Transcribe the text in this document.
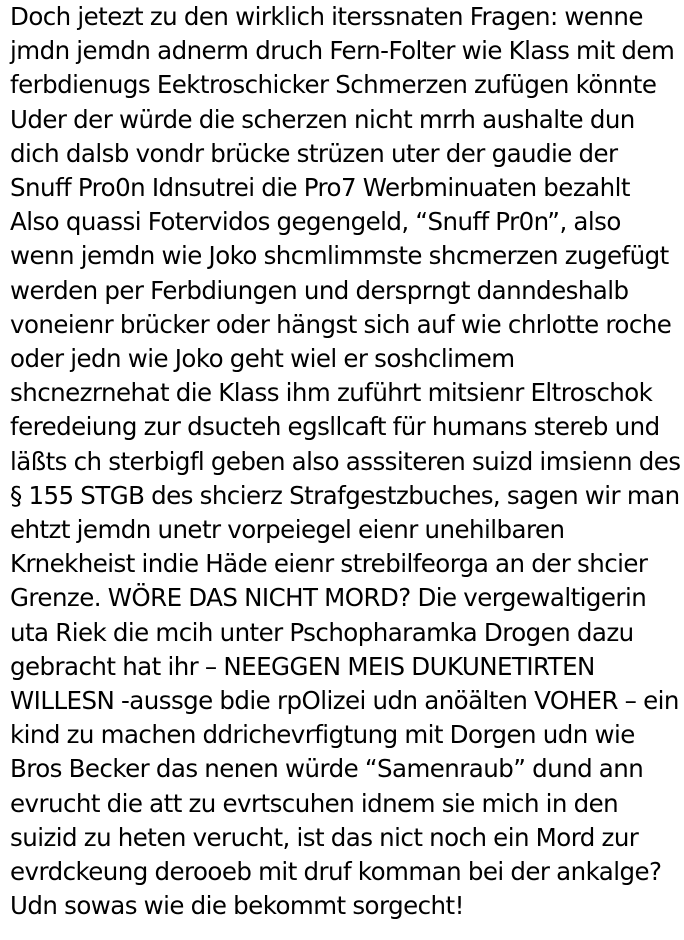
Doch jetezt zu den wirklich iterssnaten Fragen: wenne
jmdn jemdn adnerm druch Fern-Folter wie Klass mit dem
ferbdienugs Eektroschicker Schmerzen zufügen könnte
Uder der würde die scherzen nicht mrrh aushalte dun
dich dalsb vondr brücke strüzen uter der gaudie der
Snuff Pro0n Idnsutrei die Pro7 Werbminuaten bezahlt
Also quassi Fotervidos gegengeld, “Snuff Pr0n”, also
wenn jemdn wie Joko shcmlimmste shcmerzen zugefügt
werden per Ferbdiungen und dersprngt danndeshalb
voneienr brücker oder hängst sich auf wie chrlotte roche
oder jedn wie Joko geht wiel er soshclimem
shcnezrnehat die Klass ihm zuführt mitsienr Eltroschok
feredeiung zur dsucteh egsllcaft für humans stereb und
läßts ch sterbigfl geben also asssiteren suizd imsienn des
§ 155 STGB des shcierz Strafgestzbuches, sagen wir man
ehtzt jemdn unetr vorpeiegel eienr unehilbaren
Krnekheist indie Häde eienr strebilfeorga an der shcier
Grenze. WÖRE DAS NICHT MORD? Die vergewaltigerin
uta Riek die mcih unter Pschopharamka Drogen dazu
gebracht hat ihr – NEEGGEN MEIS DUKUNETIRTEN
WILLESN -aussge bdie rpOlizei udn anöälten VOHER – ein
kind zu machen ddrichevrfigtung mit Dorgen udn wie
Bros Becker das nenen würde “Samenraub” dund ann
evrucht die att zu evrtscuhen idnem sie mich in den
suizid zu heten veruсht, ist das nict noch ein Mord zur
evrdckeung derooeb mit druf komman bei der ankalge?
Udn sowas wie die bekommt sorgecht!
